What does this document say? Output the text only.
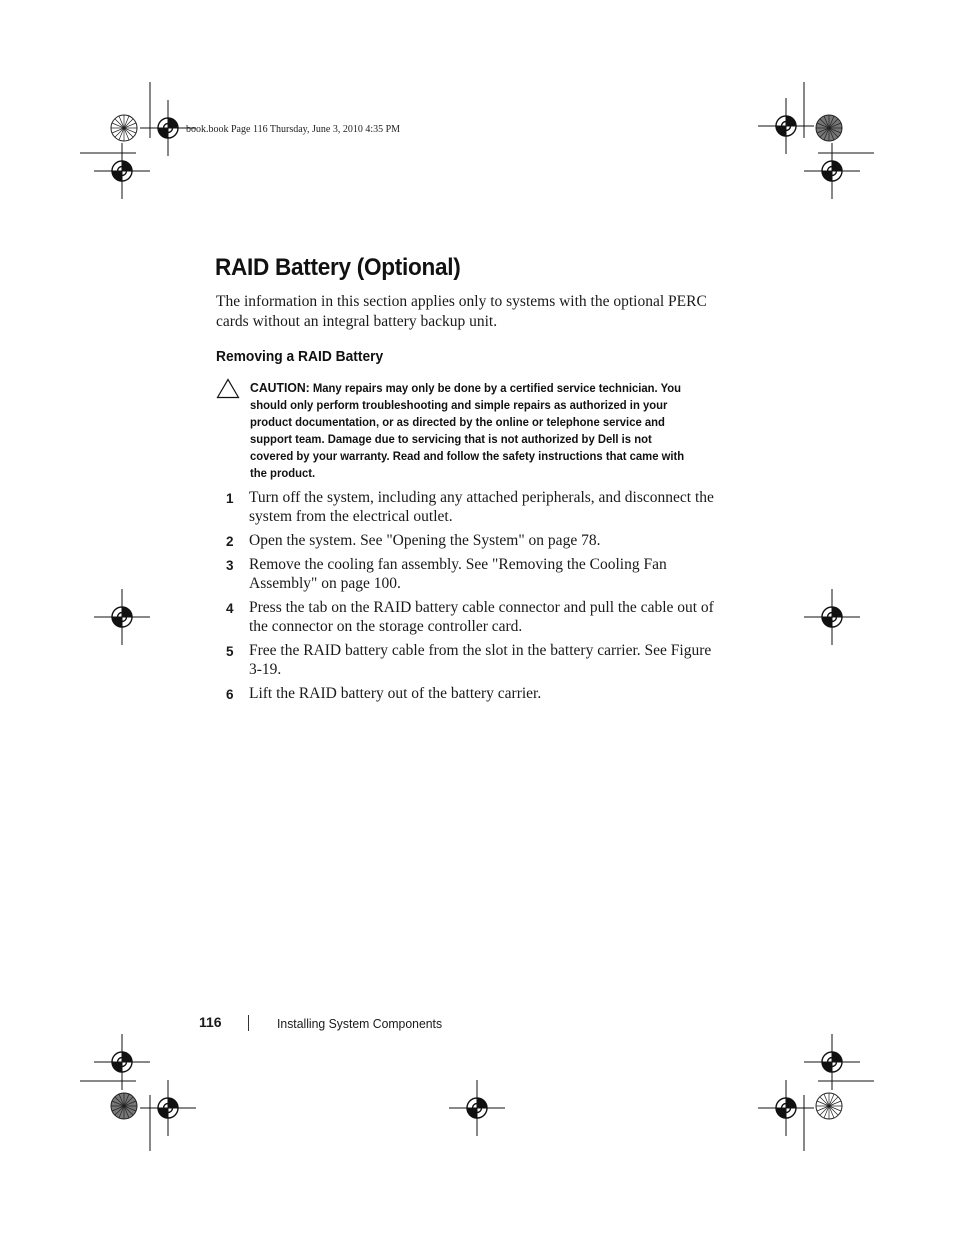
book.book Page 116 Thursday, June 3, 2010 4:35 PM
RAID Battery (Optional)

The information in this section applies only to systems with the optional PERC cards without an integral battery backup unit.

Removing a RAID Battery

CAUTION: Many repairs may only be done by a certified service technician. You should only perform troubleshooting and simple repairs as authorized in your product documentation, or as directed by the online or telephone service and support team. Damage due to servicing that is not authorized by Dell is not covered by your warranty. Read and follow the safety instructions that came with the product.

1 Turn off the system, including any attached peripherals, and disconnect the system from the electrical outlet.
2 Open the system. See "Opening the System" on page 78.
3 Remove the cooling fan assembly. See "Removing the Cooling Fan Assembly" on page 100.
4 Press the tab on the RAID battery cable connector and pull the cable out of the connector on the storage controller card.
5 Free the RAID battery cable from the slot in the battery carrier. See Figure 3-19.
6 Lift the RAID battery out of the battery carrier.
116	Installing System Components
